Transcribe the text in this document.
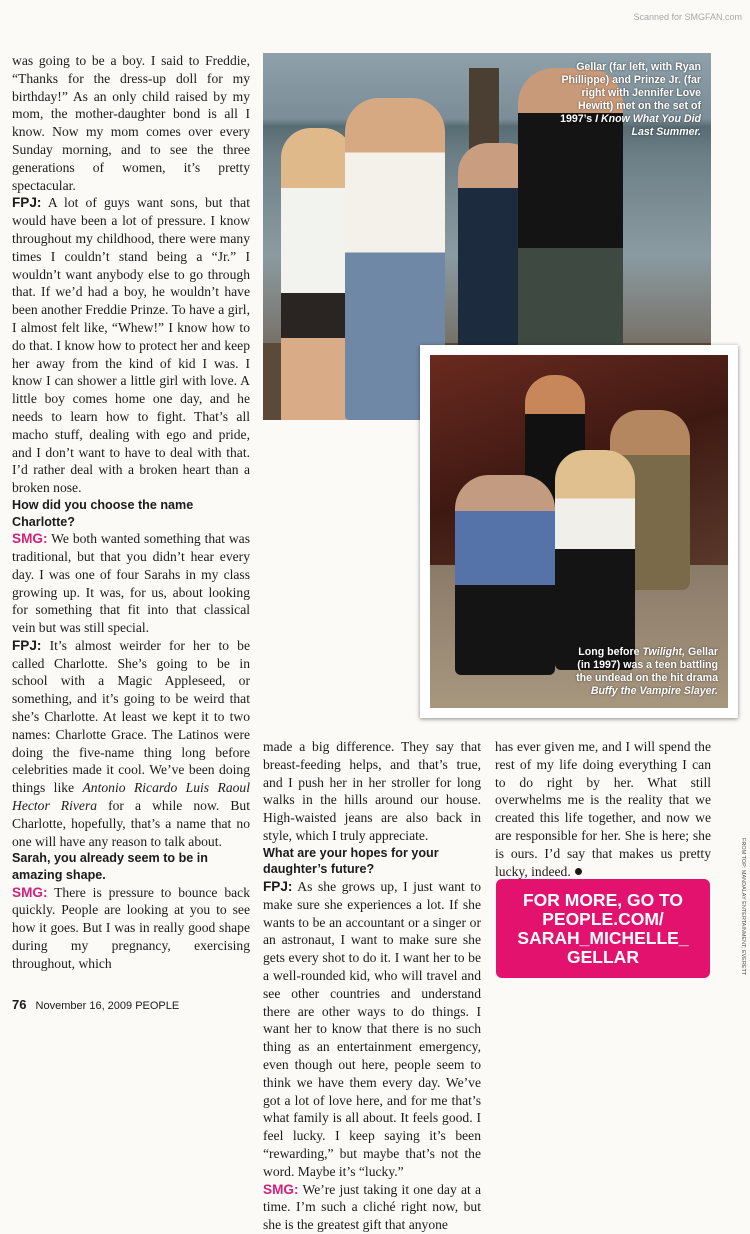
Scanned for SMGFAN.com

was going to be a boy. I said to Freddie, “Thanks for the dress-up doll for my birthday!” As an only child raised by my mom, the mother-daughter bond is all I know. Now my mom comes over every Sunday morning, and to see the three generations of women, it’s pretty spectacular.

FPJ: A lot of guys want sons, but that would have been a lot of pressure. I know throughout my childhood, there were many times I couldn’t stand being a “Jr.” I wouldn’t want anybody else to go through that. If we’d had a boy, he wouldn’t have been another Freddie Prinze. To have a girl, I almost felt like, “Whew!” I know how to do that. I know how to protect her and keep her away from the kind of kid I was. I know I can shower a little girl with love. A little boy comes home one day, and he needs to learn how to fight. That’s all macho stuff, dealing with ego and pride, and I don’t want to have to deal with that. I’d rather deal with a broken heart than a broken nose.

How did you choose the name Charlotte?

SMG: We both wanted something that was traditional, but that you didn’t hear every day. I was one of four Sarahs in my class growing up. It was, for us, about looking for something that fit into that classical vein but was still special.

FPJ: It’s almost weirder for her to be called Charlotte. She’s going to be in school with a Magic Appleseed, or something, and it’s going to be weird that she’s Charlotte. At least we kept it to two names: Charlotte Grace. The Latinos were doing the five-name thing long before celebrities made it cool. We’ve been doing things like Antonio Ricardo Luis Raoul Hector Rivera for a while now. But Charlotte, hopefully, that’s a name that no one will have any reason to talk about.

Sarah, you already seem to be in amazing shape.

SMG: There is pressure to bounce back quickly. People are looking at you to see how it goes. But I was in really good shape during my pregnancy, exercising throughout, which

Gellar (far left, with Ryan Phillippe) and Prinze Jr. (far right with Jennifer Love Hewitt) met on the set of 1997’s I Know What You Did Last Summer.
Long before Twilight, Gellar (in 1997) was a teen battling the undead on the hit drama Buffy the Vampire Slayer.

made a big difference. They say that breast-feeding helps, and that’s true, and I push her in her stroller for long walks in the hills around our house. High-waisted jeans are also back in style, which I truly appreciate.

What are your hopes for your daughter’s future?

FPJ: As she grows up, I just want to make sure she experiences a lot. If she wants to be an accountant or a singer or an astronaut, I want to make sure she gets every shot to do it. I want her to be a well-rounded kid, who will travel and see other countries and understand there are other ways to do things. I want her to know that there is no such thing as an entertainment emergency, even though out here, people seem to think we have them every day. We’ve got a lot of love here, and for me that’s what family is all about. It feels good. I feel lucky. I keep saying it’s been “rewarding,” but maybe that’s not the word. Maybe it’s “lucky.”

SMG: We’re just taking it one day at a time. I’m such a cliché right now, but she is the greatest gift that anyone

has ever given me, and I will spend the rest of my life doing everything I can to do right by her. What still overwhelms me is the reality that we created this life together, and now we are responsible for her. She is here; she is ours. I’d say that makes us pretty lucky, indeed.

FOR MORE, GO TO
PEOPLE.COM/
SARAH_MICHELLE_
GELLAR	FROM TOP: MANDALAY ENTERTAINMENT; EVERETT
76 November 16, 2009 PEOPLE
